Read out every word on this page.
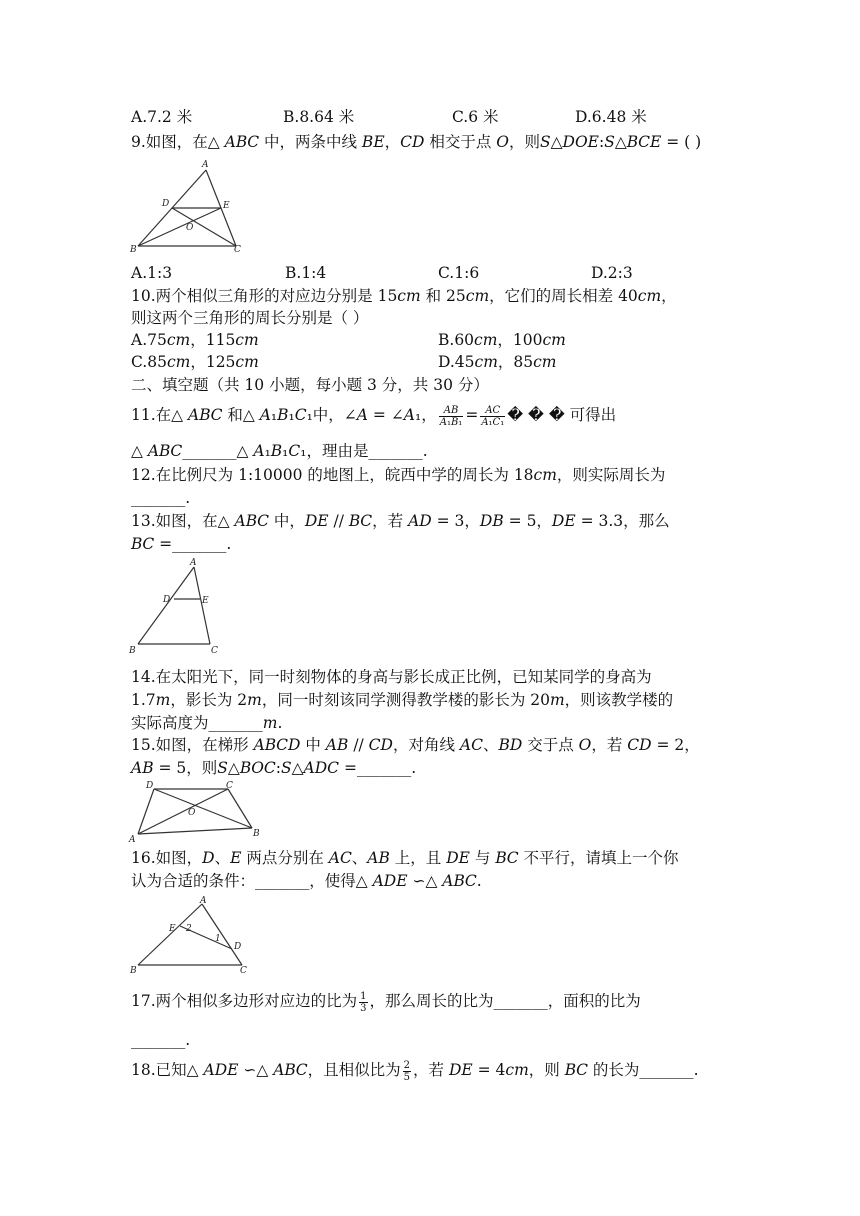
A.7.2 米	B.8.64 米	C.6 米	D.6.48 米
9.如图，在△ 𝐴𝐵𝐶 中，两条中线 𝐵𝐸，𝐶𝐷 相交于点 𝑂，则𝑆△𝐷𝑂𝐸:𝑆△𝐵𝐶𝐸 = ( )
A
D	E
O
B	C
A.1:3	B.1:4	C.1:6	D.2:3
10.两个相似三角形的对应边分别是 15𝑐𝑚 和 25𝑐𝑚，它们的周长相差 40𝑐𝑚，
则这两个三角形的周长分别是（ ）
A.75𝑐𝑚，115𝑐𝑚	B.60𝑐𝑚，100𝑐𝑚
C.85𝑐𝑚，125𝑐𝑚	D.45𝑐𝑚，85𝑐𝑚
二、填空题（共 10 小题，每小题 3 分，共 30 分）
11.在△ 𝐴𝐵𝐶 和△ 𝐴₁𝐵₁𝐶₁中，∠𝐴 = ∠𝐴₁， $\frac{\text{𝐴𝐵}}{\text{𝐴₁𝐵₁}} = \frac{\text{𝐴𝐶}}{\text{𝐴₁𝐶₁}}$ � � � 可得出
△ 𝐴𝐵𝐶_______△ 𝐴₁𝐵₁𝐶₁，理由是_______.
12.在比例尺为 1:10000 的地图上，皖西中学的周长为 18𝑐𝑚，则实际周长为
_______.
13.如图，在△ 𝐴𝐵𝐶 中，𝐷𝐸 // 𝐵𝐶，若 𝐴𝐷 = 3，𝐷𝐵 = 5，𝐷𝐸 = 3.3，那么
𝐵𝐶 =_______.
A
D	E
B	C
14.在太阳光下，同一时刻物体的身高与影长成正比例，已知某同学的身高为
1.7𝑚，影长为 2𝑚，同一时刻该同学测得教学楼的影长为 20𝑚，则该教学楼的
实际高度为_______𝑚.
15.如图，在梯形 𝐴𝐵𝐶𝐷 中 𝐴𝐵 // 𝐶𝐷，对角线 𝐴𝐶、𝐵𝐷 交于点 𝑂，若 𝐶𝐷 = 2，
𝐴𝐵 = 5，则𝑆△𝐵𝑂𝐶:𝑆△𝐴𝐷𝐶 =_______.
D	C
O
A
B
16.如图，𝐷、𝐸 两点分别在 𝐴𝐶、𝐴𝐵 上，且 𝐷𝐸 与 𝐵𝐶 不平行，请填上一个你
认为合适的条件：_______，使得△ 𝐴𝐷𝐸 ∽△ 𝐴𝐵𝐶.
A
E 2
1
D
B	C
17.两个相似多边形对应边的比为 $\frac{1}{3}$ ，那么周长的比为_______，面积的比为
_______.
18.已知△ 𝐴𝐷𝐸 ∽△ 𝐴𝐵𝐶，且相似比为 $\frac{2}{5}$ ，若 𝐷𝐸 = 4𝑐𝑚，则 𝐵𝐶 的长为_______.
